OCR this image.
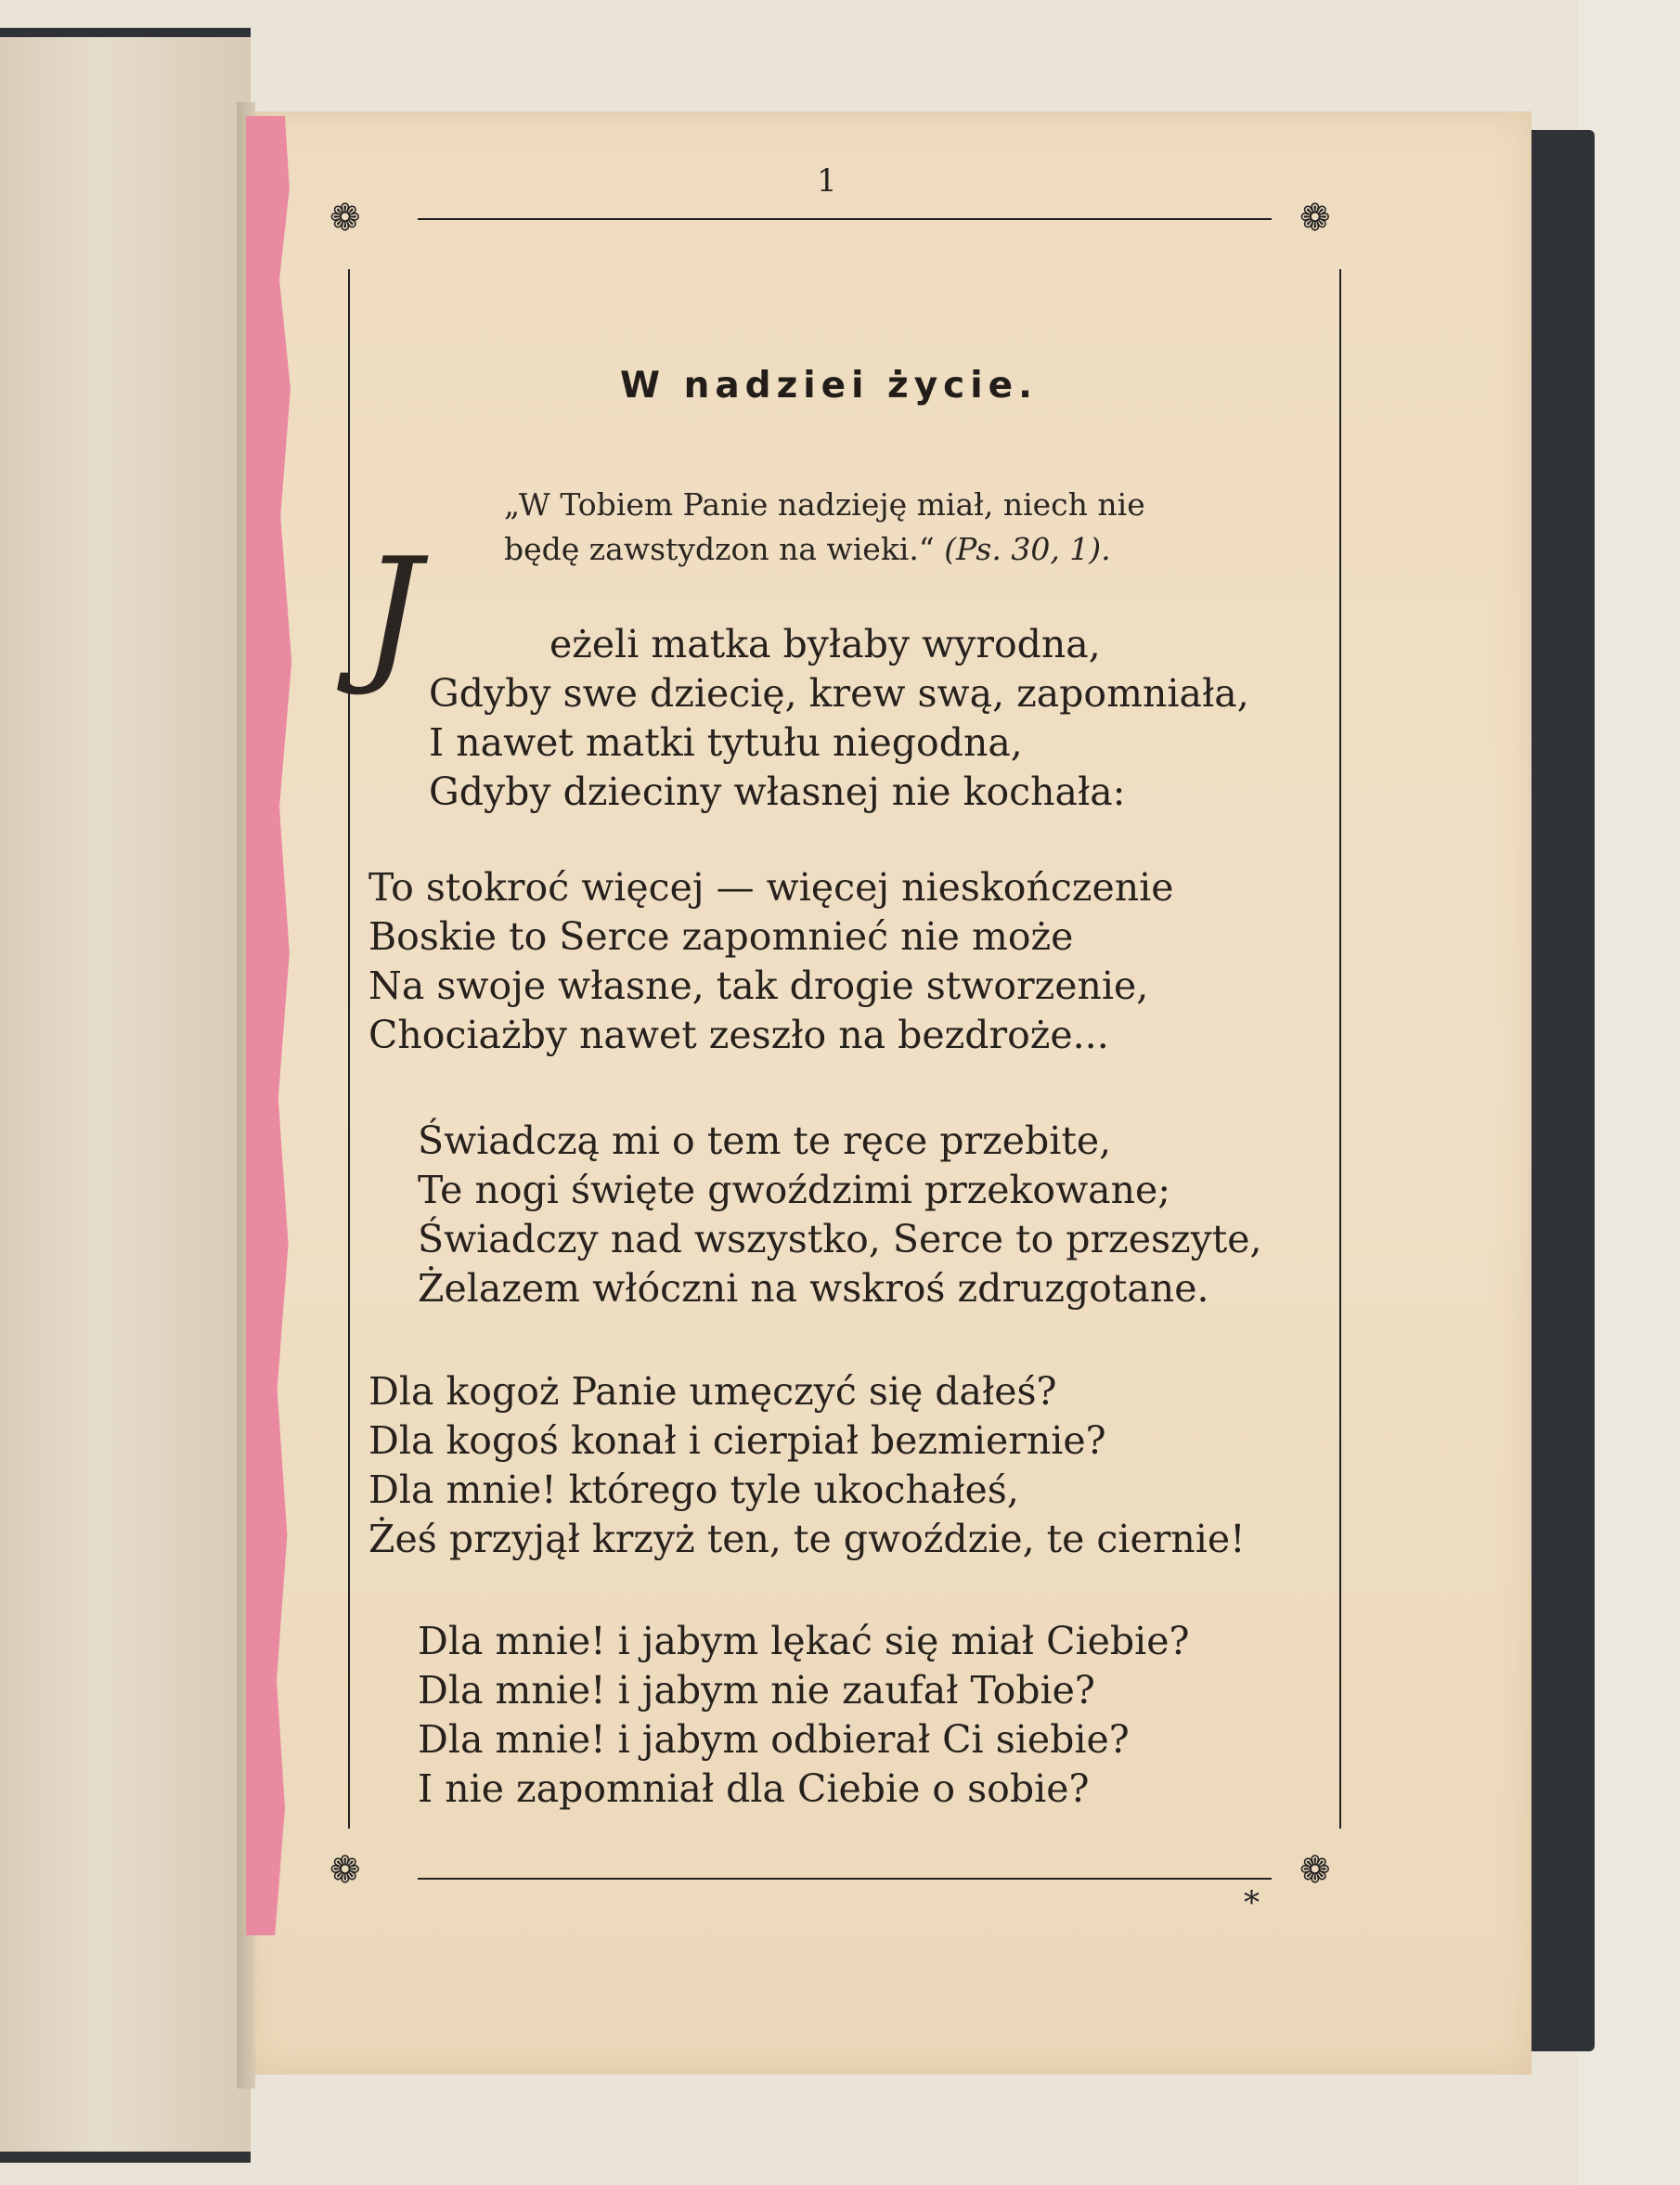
❁	❁
❁	❁
1
W nadziei życie.
„W Tobiem Panie nadzieję miał, niech nie
będę zawstydzon na wieki.“ (Ps. 30, 1).
J	eżeli matka byłaby wyrodna,
Gdyby swe dziecię, krew swą, zapomniała,
I nawet matki tytułu niegodna,
Gdyby dzieciny własnej nie kochała:
To stokroć więcej — więcej nieskończenie
Boskie to Serce zapomnieć nie może
Na swoje własne, tak drogie stworzenie,
Chociażby nawet zeszło na bezdroże...
Świadczą mi o tem te ręce przebite,
Te nogi święte gwoździmi przekowane;
Świadczy nad wszystko, Serce to przeszyte,
Żelazem włóczni na wskroś zdruzgotane.
Dla kogoż Panie umęczyć się dałeś?
Dla kogoś konał i cierpiał bezmiernie?
Dla mnie! którego tyle ukochałeś,
Żeś przyjął krzyż ten, te gwoździe, te ciernie!
Dla mnie! i jabym lękać się miał Ciebie?
Dla mnie! i jabym nie zaufał Tobie?
Dla mnie! i jabym odbierał Ci siebie?
I nie zapomniał dla Ciebie o sobie?
*
